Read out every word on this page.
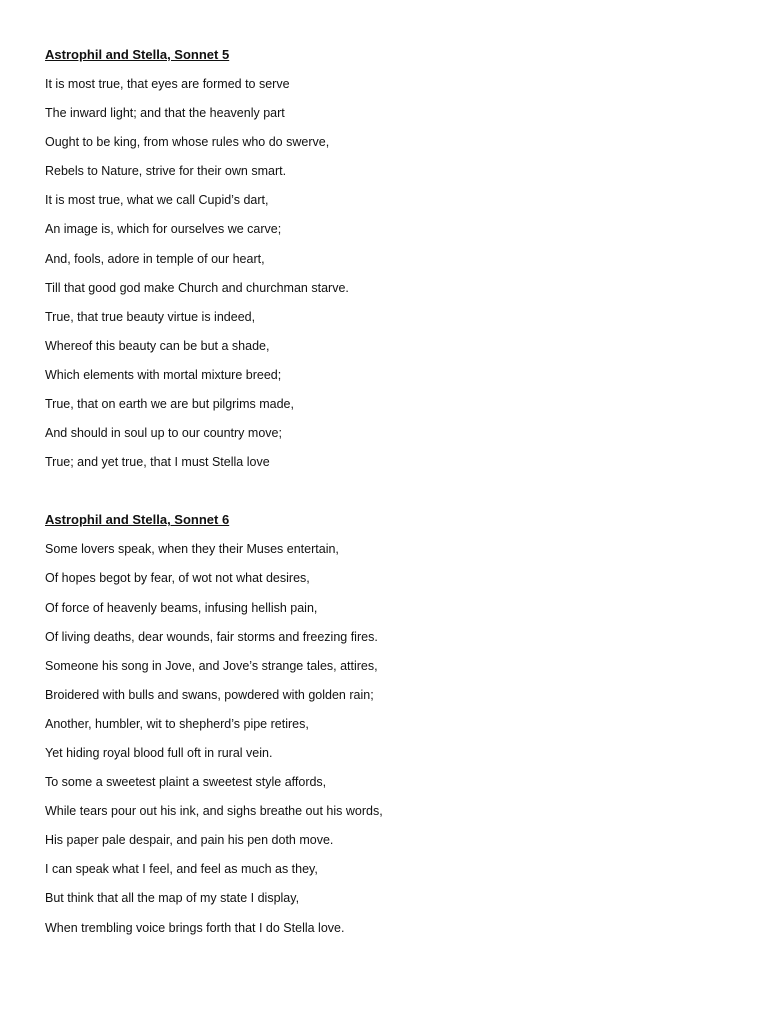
Astrophil and Stella, Sonnet 5
It is most true, that eyes are formed to serve
The inward light; and that the heavenly part
Ought to be king, from whose rules who do swerve,
Rebels to Nature, strive for their own smart.
It is most true, what we call Cupid’s dart,
An image is, which for ourselves we carve;
And, fools, adore in temple of our heart,
Till that good god make Church and churchman starve.
True, that true beauty virtue is indeed,
Whereof this beauty can be but a shade,
Which elements with mortal mixture breed;
True, that on earth we are but pilgrims made,
And should in soul up to our country move;
True; and yet true, that I must Stella love
Astrophil and Stella, Sonnet 6
Some lovers speak, when they their Muses entertain,
Of hopes begot by fear, of wot not what desires,
Of force of heavenly beams, infusing hellish pain,
Of living deaths, dear wounds, fair storms and freezing fires.
Someone his song in Jove, and Jove’s strange tales, attires,
Broidered with bulls and swans, powdered with golden rain;
Another, humbler, wit to shepherd’s pipe retires,
Yet hiding royal blood full oft in rural vein.
To some a sweetest plaint a sweetest style affords,
While tears pour out his ink, and sighs breathe out his words,
His paper pale despair, and pain his pen doth move.
I can speak what I feel, and feel as much as they,
But think that all the map of my state I display,
When trembling voice brings forth that I do Stella love.
